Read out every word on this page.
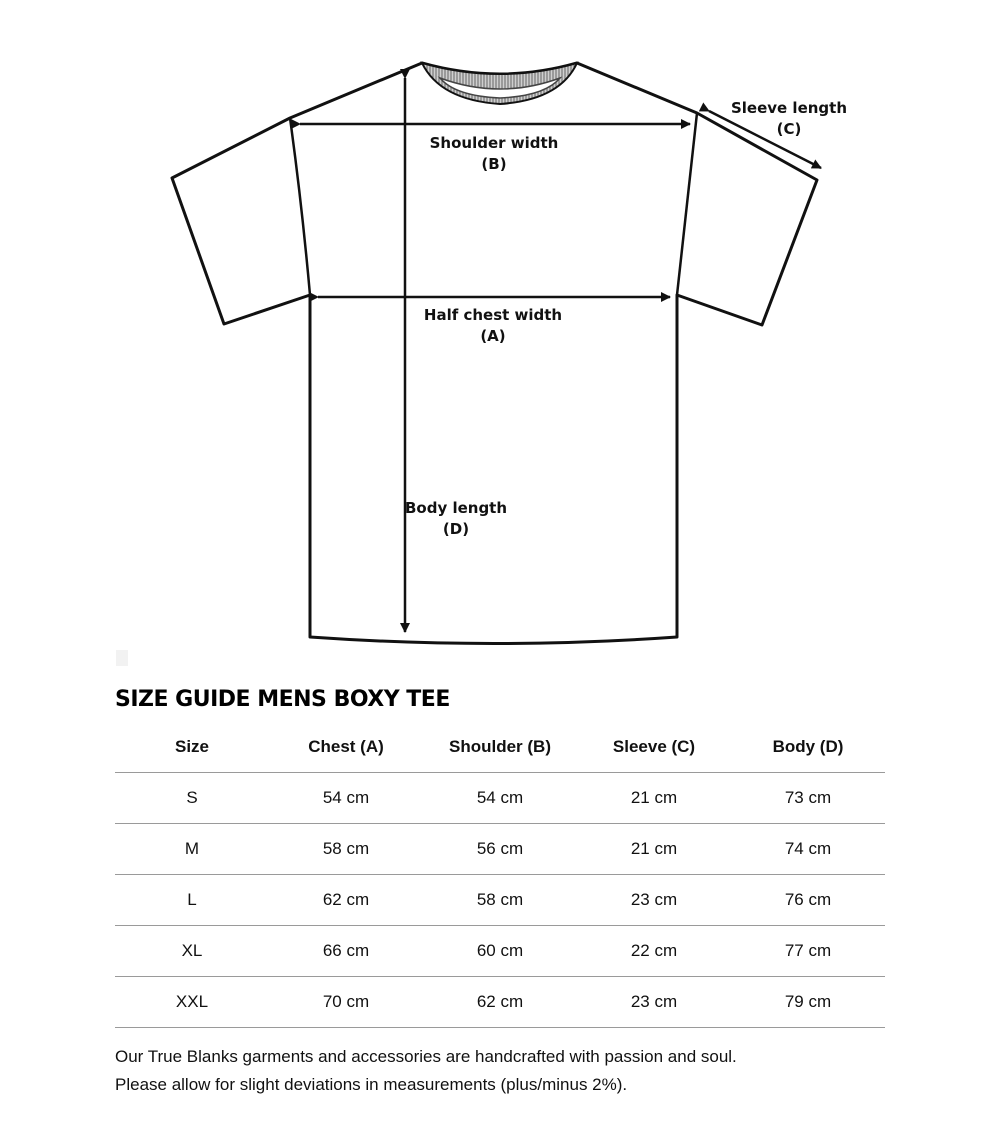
Shoulder width
(B)
Half chest width
(A)
Sleeve length
(C)
Body length
(D)
SIZE GUIDE MENS BOXY TEE
Size	Chest (A)	Shoulder (B)	Sleeve (C)	Body (D)
S	54 cm	54 cm	21 cm	73 cm
M	58 cm	56 cm	21 cm	74 cm
L	62 cm	58 cm	23 cm	76 cm
XL	66 cm	60 cm	22 cm	77 cm
XXL	70 cm	62 cm	23 cm	79 cm

Our True Blanks garments and accessories are handcrafted with passion and soul.

Please allow for slight deviations in measurements (plus/minus 2%).
